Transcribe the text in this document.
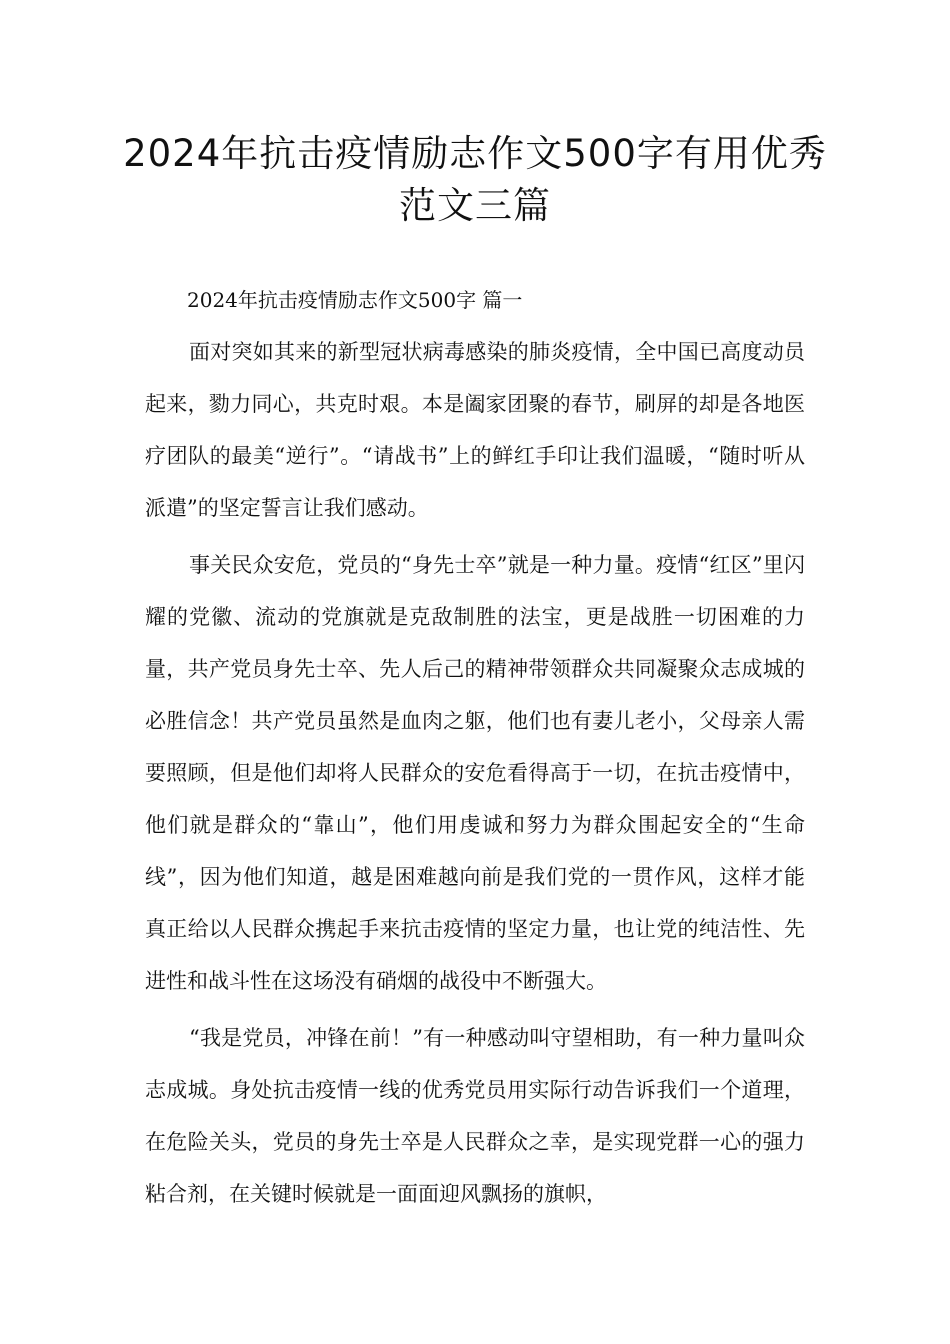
2024年抗击疫情励志作文500字有用优秀范文三篇

2024年抗击疫情励志作文500字 篇一

面对突如其来的新型冠状病毒感染的肺炎疫情，全中国已高度动员起来，勠力同心，共克时艰。本是阖家团聚的春节，刷屏的却是各地医疗团队的最美“逆行”。“请战书”上的鲜红手印让我们温暖，“随时听从派遣”的坚定誓言让我们感动。

事关民众安危，党员的“身先士卒”就是一种力量。疫情“红区”里闪耀的党徽、流动的党旗就是克敌制胜的法宝，更是战胜一切困难的力量，共产党员身先士卒、先人后己的精神带领群众共同凝聚众志成城的必胜信念！共产党员虽然是血肉之躯，他们也有妻儿老小，父母亲人需要照顾，但是他们却将人民群众的安危看得高于一切，在抗击疫情中，他们就是群众的“靠山”，他们用虔诚和努力为群众围起安全的“生命线”，因为他们知道，越是困难越向前是我们党的一贯作风，这样才能真正给以人民群众携起手来抗击疫情的坚定力量，也让党的纯洁性、先进性和战斗性在这场没有硝烟的战役中不断强大。

“我是党员，冲锋在前！”有一种感动叫守望相助，有一种力量叫众志成城。身处抗击疫情一线的优秀党员用实际行动告诉我们一个道理，在危险关头，党员的身先士卒是人民群众之幸，是实现党群一心的强力粘合剂，在关键时候就是一面面迎风飘扬的旗帜，
